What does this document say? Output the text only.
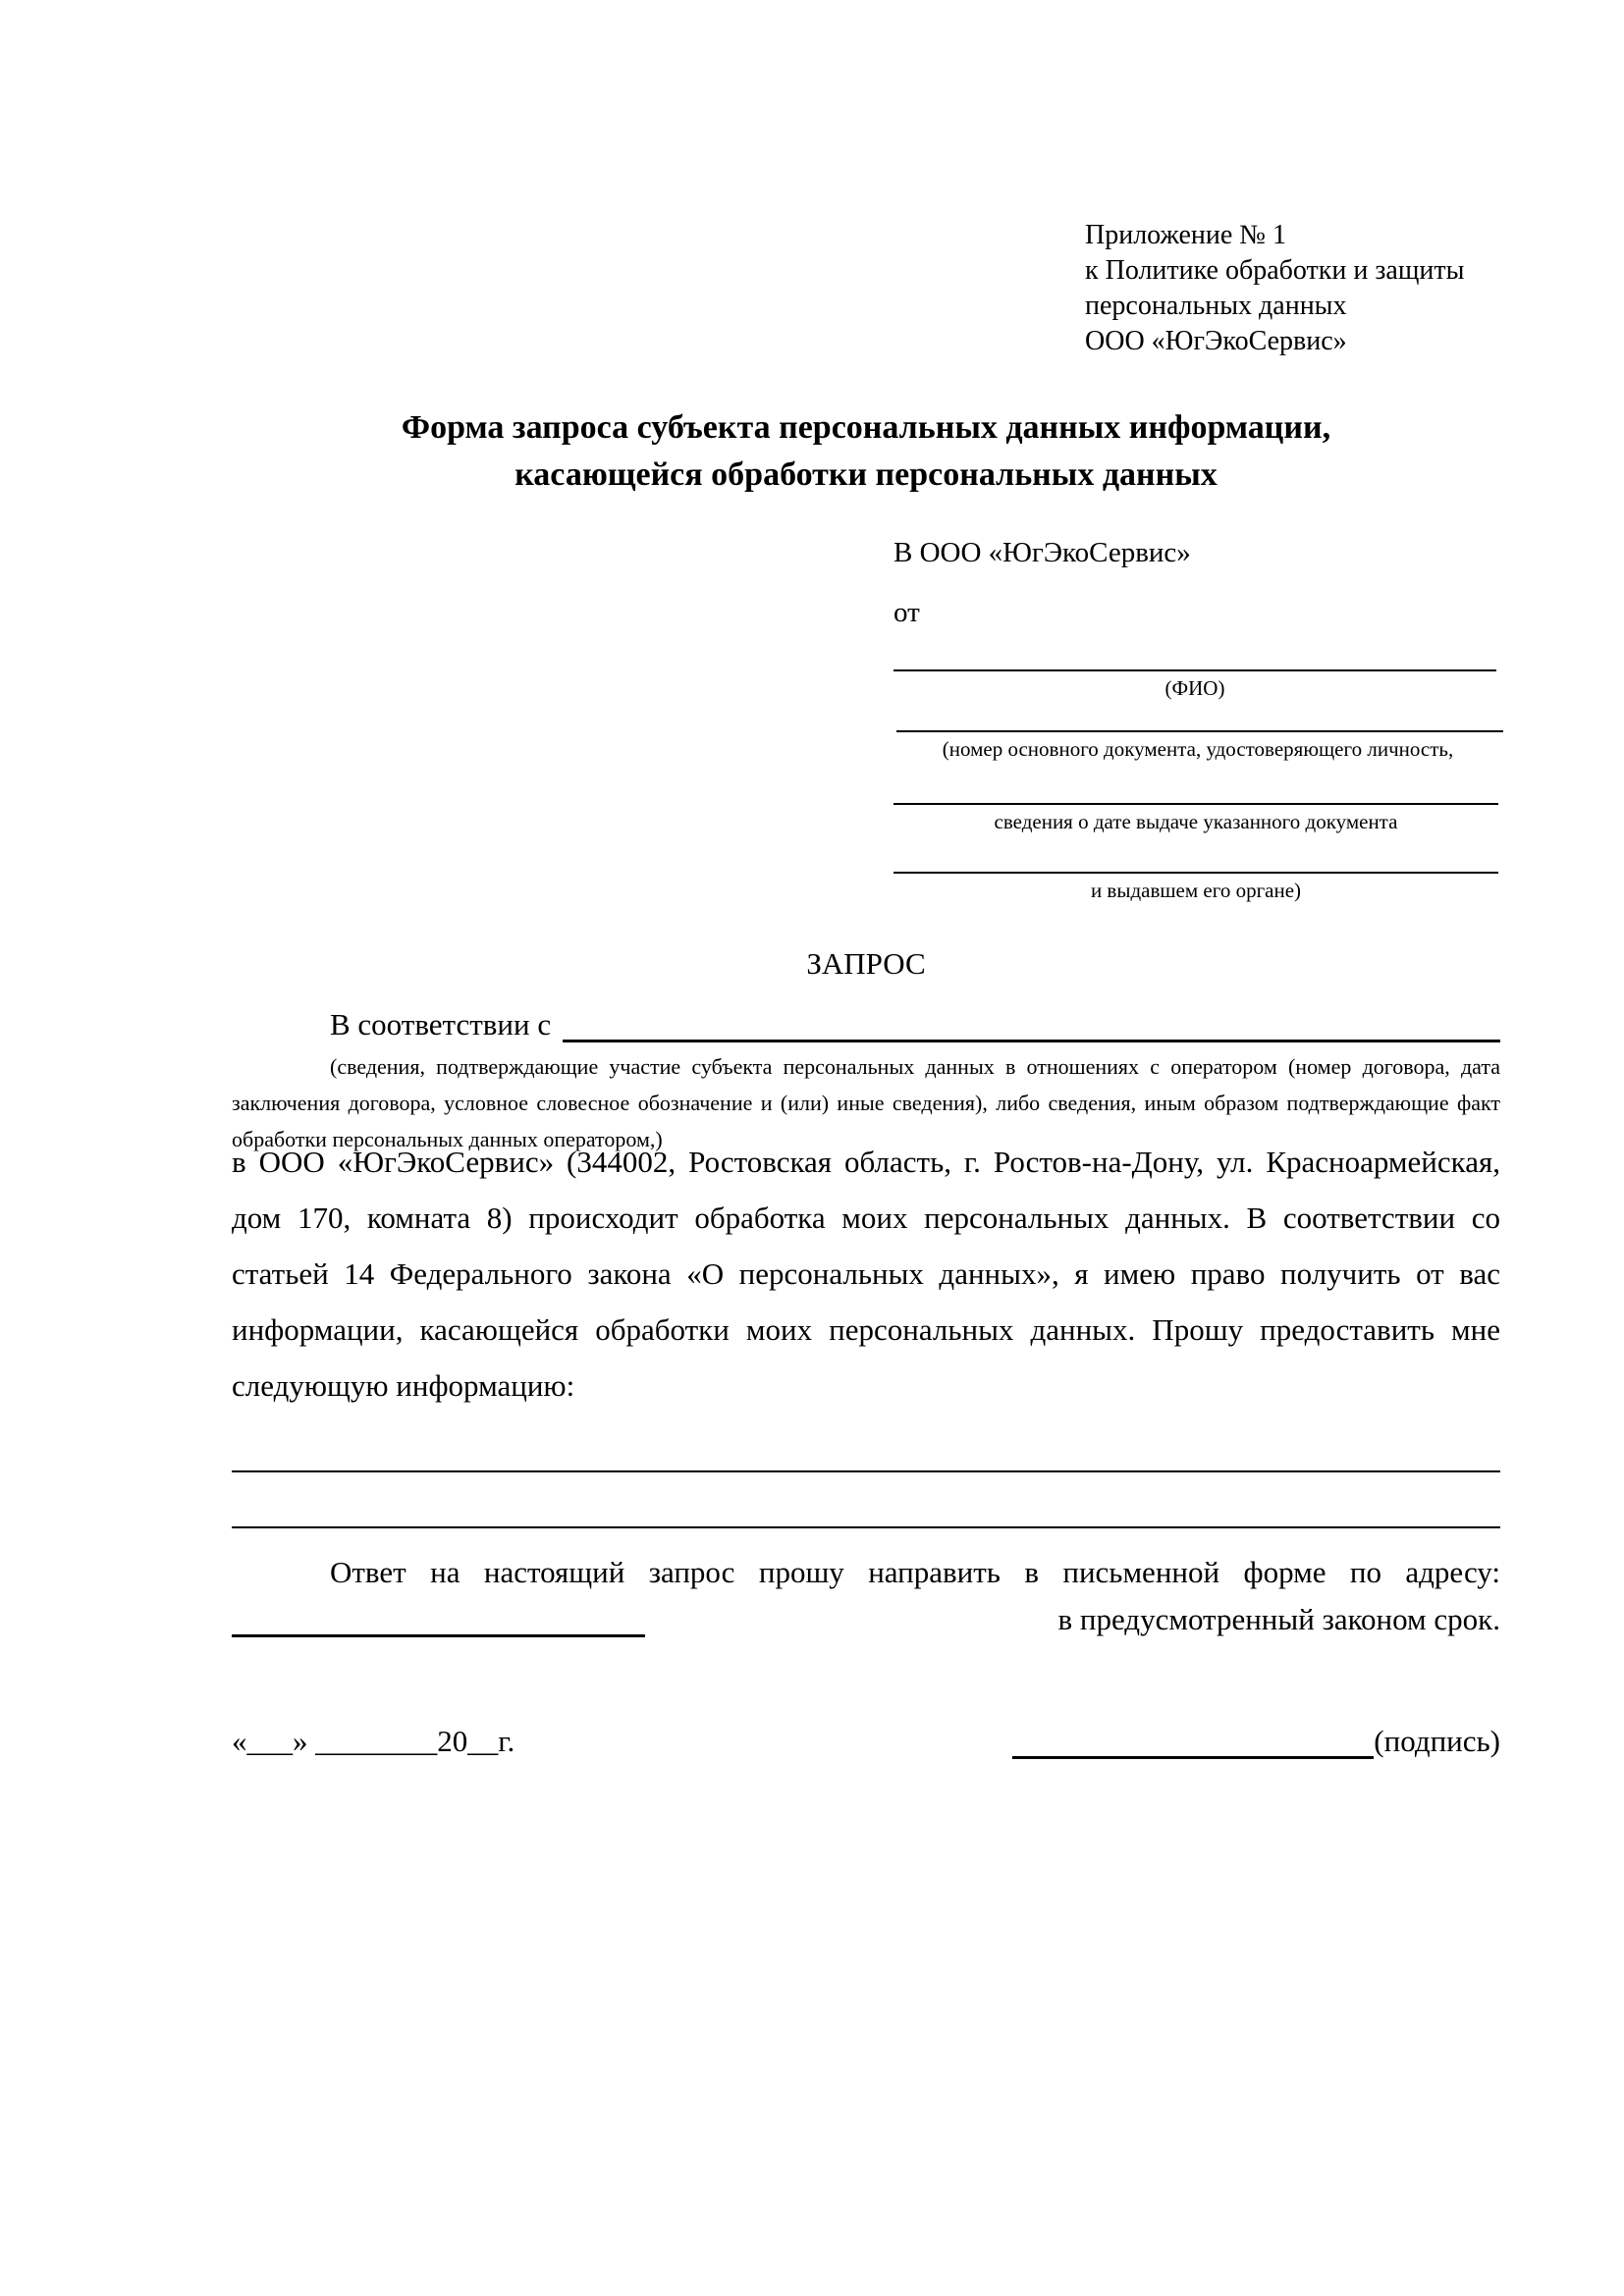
Приложение № 1
к Политике обработки и защиты
персональных данных
ООО «ЮгЭкоСервис»
Форма запроса субъекта персональных данных информации,
касающейся обработки персональных данных
В ООО «ЮгЭкоСервис»
от
(ФИО)
(номер основного документа, удостоверяющего личность,
сведения о дате выдаче указанного документа
и выдавшем его органе)
ЗАПРОС
В соответствии с
(сведения, подтверждающие участие субъекта персональных данных в отношениях с оператором (номер договора, дата заключения договора, условное словесное обозначение и (или) иные сведения), либо сведения, иным образом подтверждающие факт обработки персональных данных оператором,)
в ООО «ЮгЭкоСервис» (344002, Ростовская область, г. Ростов-на-Дону, ул. Красноармейская, дом 170, комната 8) происходит обработка моих персональных данных. В соответствии со статьей 14 Федерального закона «О персональных данных», я имею право получить от вас информации, касающейся обработки моих персональных данных. Прошу предоставить мне следующую информацию:
Ответ на настоящий запрос прошу направить в письменной форме по адресу:
в предусмотренный законом срок.
«___» ________20__г.	(подпись)
